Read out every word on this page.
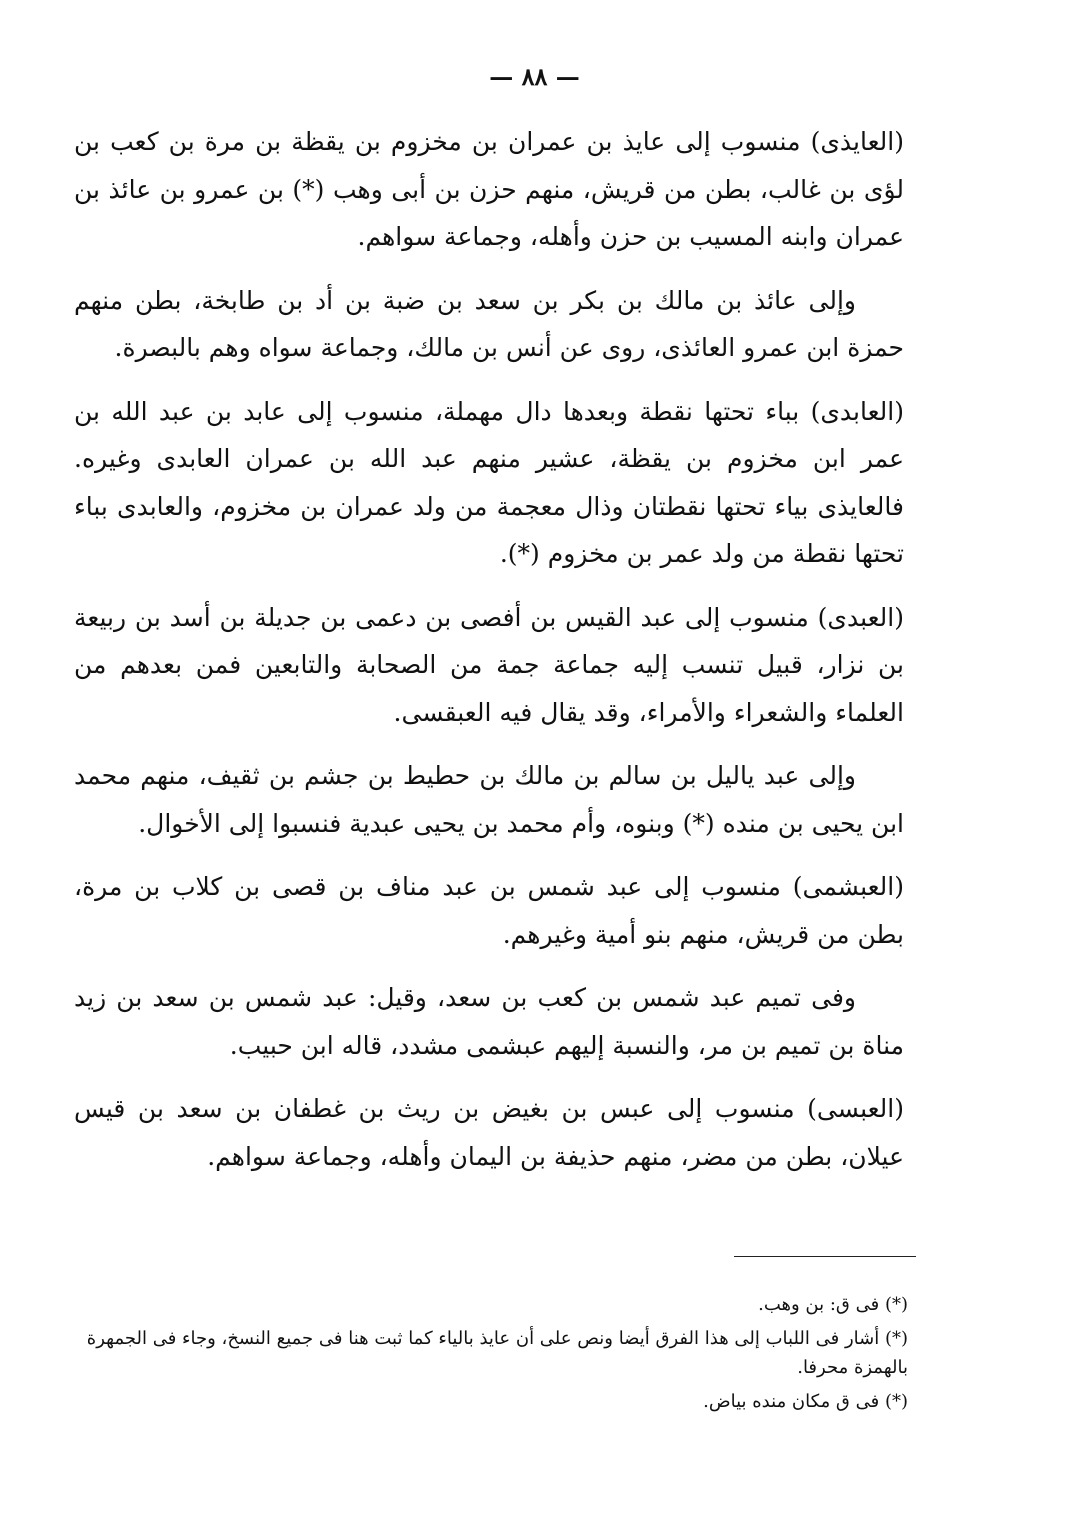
— ٨٨ —

(العايذى) منسوب إلى عايذ بن عمران بن مخزوم بن يقظة بن مرة بن كعب بن لؤى بن غالب، بطن من قريش، منهم حزن بن أبى وهب (*) بن عمرو بن عائذ بن عمران وابنه المسيب بن حزن وأهله، وجماعة سواهم.

وإلى عائذ بن مالك بن بكر بن سعد بن ضبة بن أد بن طابخة، بطن منهم حمزة ابن عمرو العائذى، روى عن أنس بن مالك، وجماعة سواه وهم بالبصرة.

(العابدى) بباء تحتها نقطة وبعدها دال مهملة، منسوب إلى عابد بن عبد الله بن عمر ابن مخزوم بن يقظة، عشير منهم عبد الله بن عمران العابدى وغيره. فالعايذى بياء تحتها نقطتان وذال معجمة من ولد عمران بن مخزوم، والعابدى بباء تحتها نقطة من ولد عمر بن مخزوم (*).

(العبدى) منسوب إلى عبد القيس بن أفصى بن دعمى بن جديلة بن أسد بن ربيعة بن نزار، قبيل تنسب إليه جماعة جمة من الصحابة والتابعين فمن بعدهم من العلماء والشعراء والأمراء، وقد يقال فيه العبقسى.

وإلى عبد ياليل بن سالم بن مالك بن حطيط بن جشم بن ثقيف، منهم محمد ابن يحيى بن منده (*) وبنوه، وأم محمد بن يحيى عبدية فنسبوا إلى الأخوال.

(العبشمى) منسوب إلى عبد شمس بن عبد مناف بن قصى بن كلاب بن مرة، بطن من قريش، منهم بنو أمية وغيرهم.

وفى تميم عبد شمس بن كعب بن سعد، وقيل: عبد شمس بن سعد بن زيد مناة بن تميم بن مر، والنسبة إليهم عبشمى مشدد، قاله ابن حبيب.

(العبسى) منسوب إلى عبس بن بغيض بن ريث بن غطفان بن سعد بن قيس عيلان، بطن من مضر، منهم حذيفة بن اليمان وأهله، وجماعة سواهم.

(*) فى ق: بن وهب.

(*) أشار فى اللباب إلى هذا الفرق أيضا ونص على أن عايذ بالياء كما ثبت هنا فى جميع النسخ، وجاء فى الجمهرة بالهمزة محرفا.

(*) فى ق مكان منده بياض.
